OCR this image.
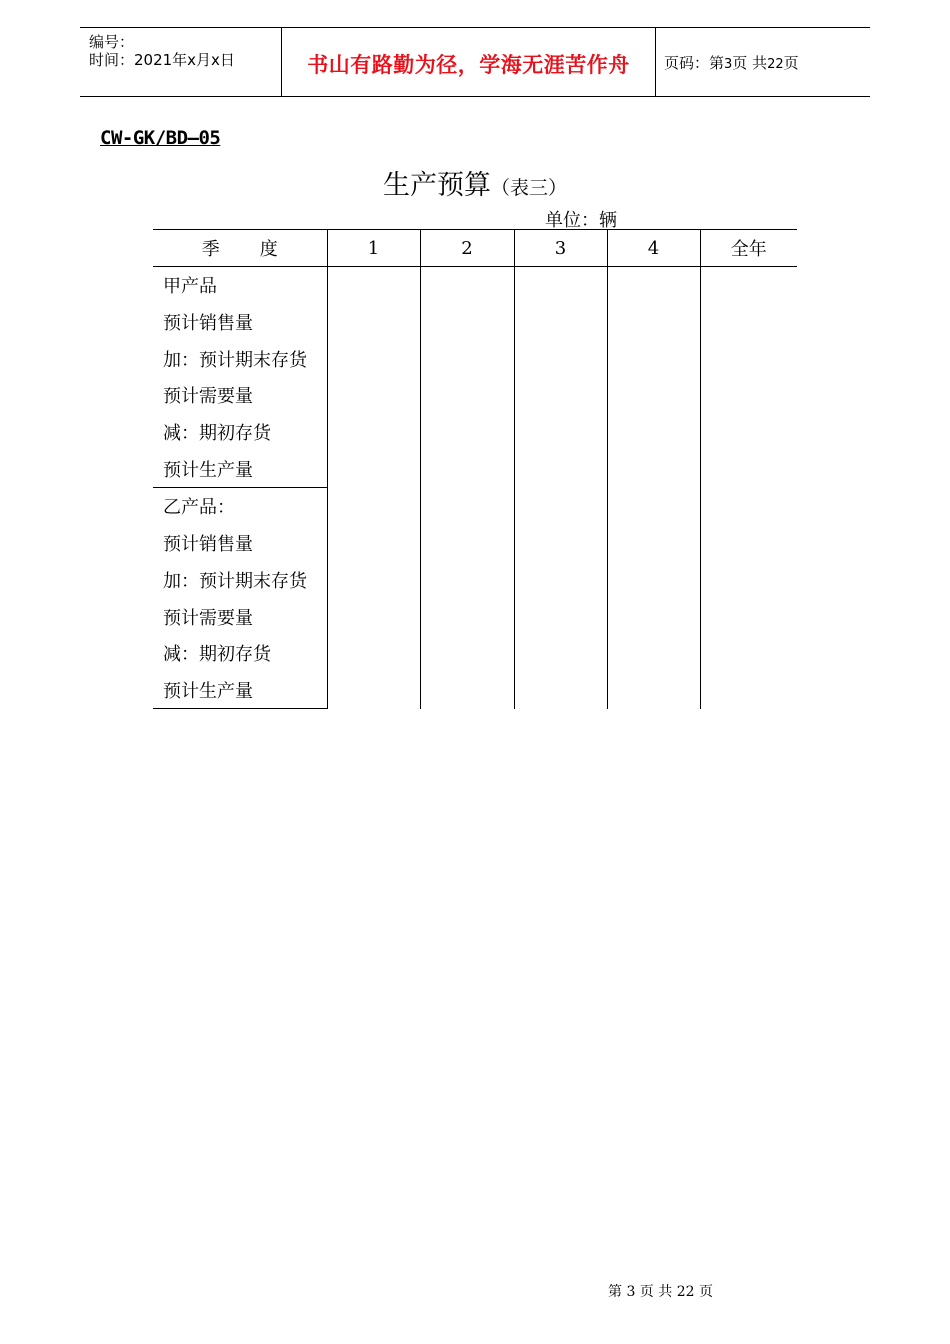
编号：
时间：2021年x月x日	书山有路勤为径，学海无涯苦作舟	页码：第3页 共22页
CW-GK/BD—05
生产预算（表三）
单位：辆
季 度	1	2	3	4	全年
甲产品					
预计销售量					
加：预计期末存货					
预计需要量					
减：期初存货					
预计生产量					
乙产品：					
预计销售量					
加：预计期末存货					
预计需要量					
减：期初存货					
预计生产量					
第 3 页 共 22 页
